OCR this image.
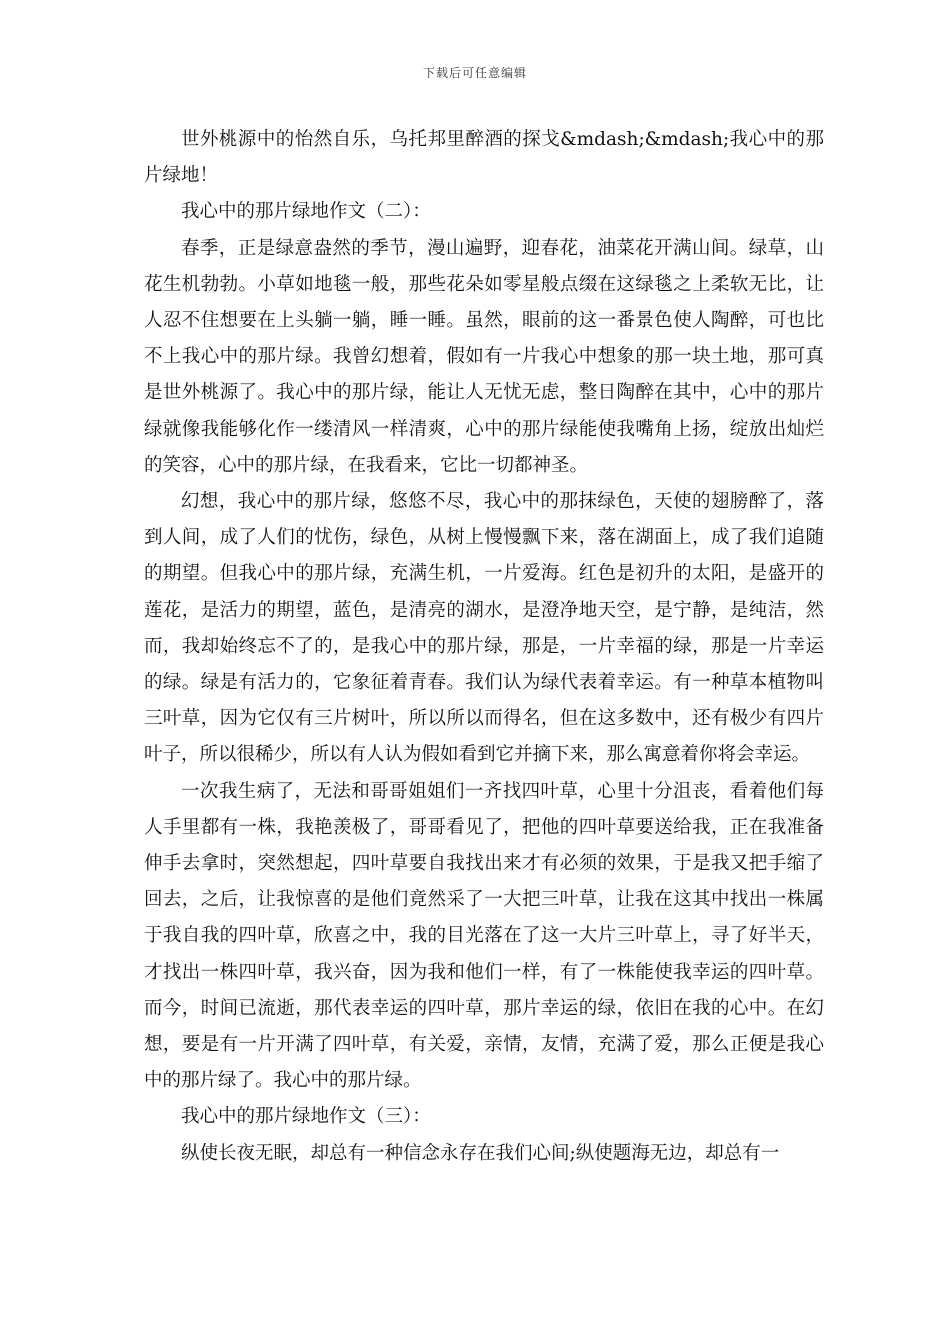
下载后可任意编辑

世外桃源中的怡然自乐，乌托邦里醉酒的探戈&mdash;&mdash;我心中的那片绿地！

我心中的那片绿地作文（二）：

春季，正是绿意盎然的季节，漫山遍野，迎春花，油菜花开满山间。绿草，山花生机勃勃。小草如地毯一般，那些花朵如零星般点缀在这绿毯之上柔软无比，让人忍不住想要在上头躺一躺，睡一睡。虽然，眼前的这一番景色使人陶醉，可也比不上我心中的那片绿。我曾幻想着，假如有一片我心中想象的那一块土地，那可真是世外桃源了。我心中的那片绿，能让人无忧无虑，整日陶醉在其中，心中的那片绿就像我能够化作一缕清风一样清爽，心中的那片绿能使我嘴角上扬，绽放出灿烂的笑容，心中的那片绿，在我看来，它比一切都神圣。

幻想，我心中的那片绿，悠悠不尽，我心中的那抹绿色，天使的翅膀醉了，落到人间，成了人们的忧伤，绿色，从树上慢慢飘下来，落在湖面上，成了我们追随的期望。但我心中的那片绿，充满生机，一片爱海。红色是初升的太阳，是盛开的莲花，是活力的期望，蓝色，是清亮的湖水，是澄净地天空，是宁静，是纯洁，然而，我却始终忘不了的，是我心中的那片绿，那是，一片幸福的绿，那是一片幸运的绿。绿是有活力的，它象征着青春。我们认为绿代表着幸运。有一种草本植物叫三叶草，因为它仅有三片树叶，所以所以而得名，但在这多数中，还有极少有四片叶子，所以很稀少，所以有人认为假如看到它并摘下来，那么寓意着你将会幸运。

一次我生病了，无法和哥哥姐姐们一齐找四叶草，心里十分沮丧，看着他们每人手里都有一株，我艳羡极了，哥哥看见了，把他的四叶草要送给我，正在我准备伸手去拿时，突然想起，四叶草要自我找出来才有必须的效果，于是我又把手缩了回去，之后，让我惊喜的是他们竟然采了一大把三叶草，让我在这其中找出一株属于我自我的四叶草，欣喜之中，我的目光落在了这一大片三叶草上，寻了好半天，才找出一株四叶草，我兴奋，因为我和他们一样，有了一株能使我幸运的四叶草。而今，时间已流逝，那代表幸运的四叶草，那片幸运的绿，依旧在我的心中。在幻想，要是有一片开满了四叶草，有关爱，亲情，友情，充满了爱，那么正便是我心中的那片绿了。我心中的那片绿。

我心中的那片绿地作文（三）：

纵使长夜无眠，却总有一种信念永存在我们心间;纵使题海无边，却总有一
